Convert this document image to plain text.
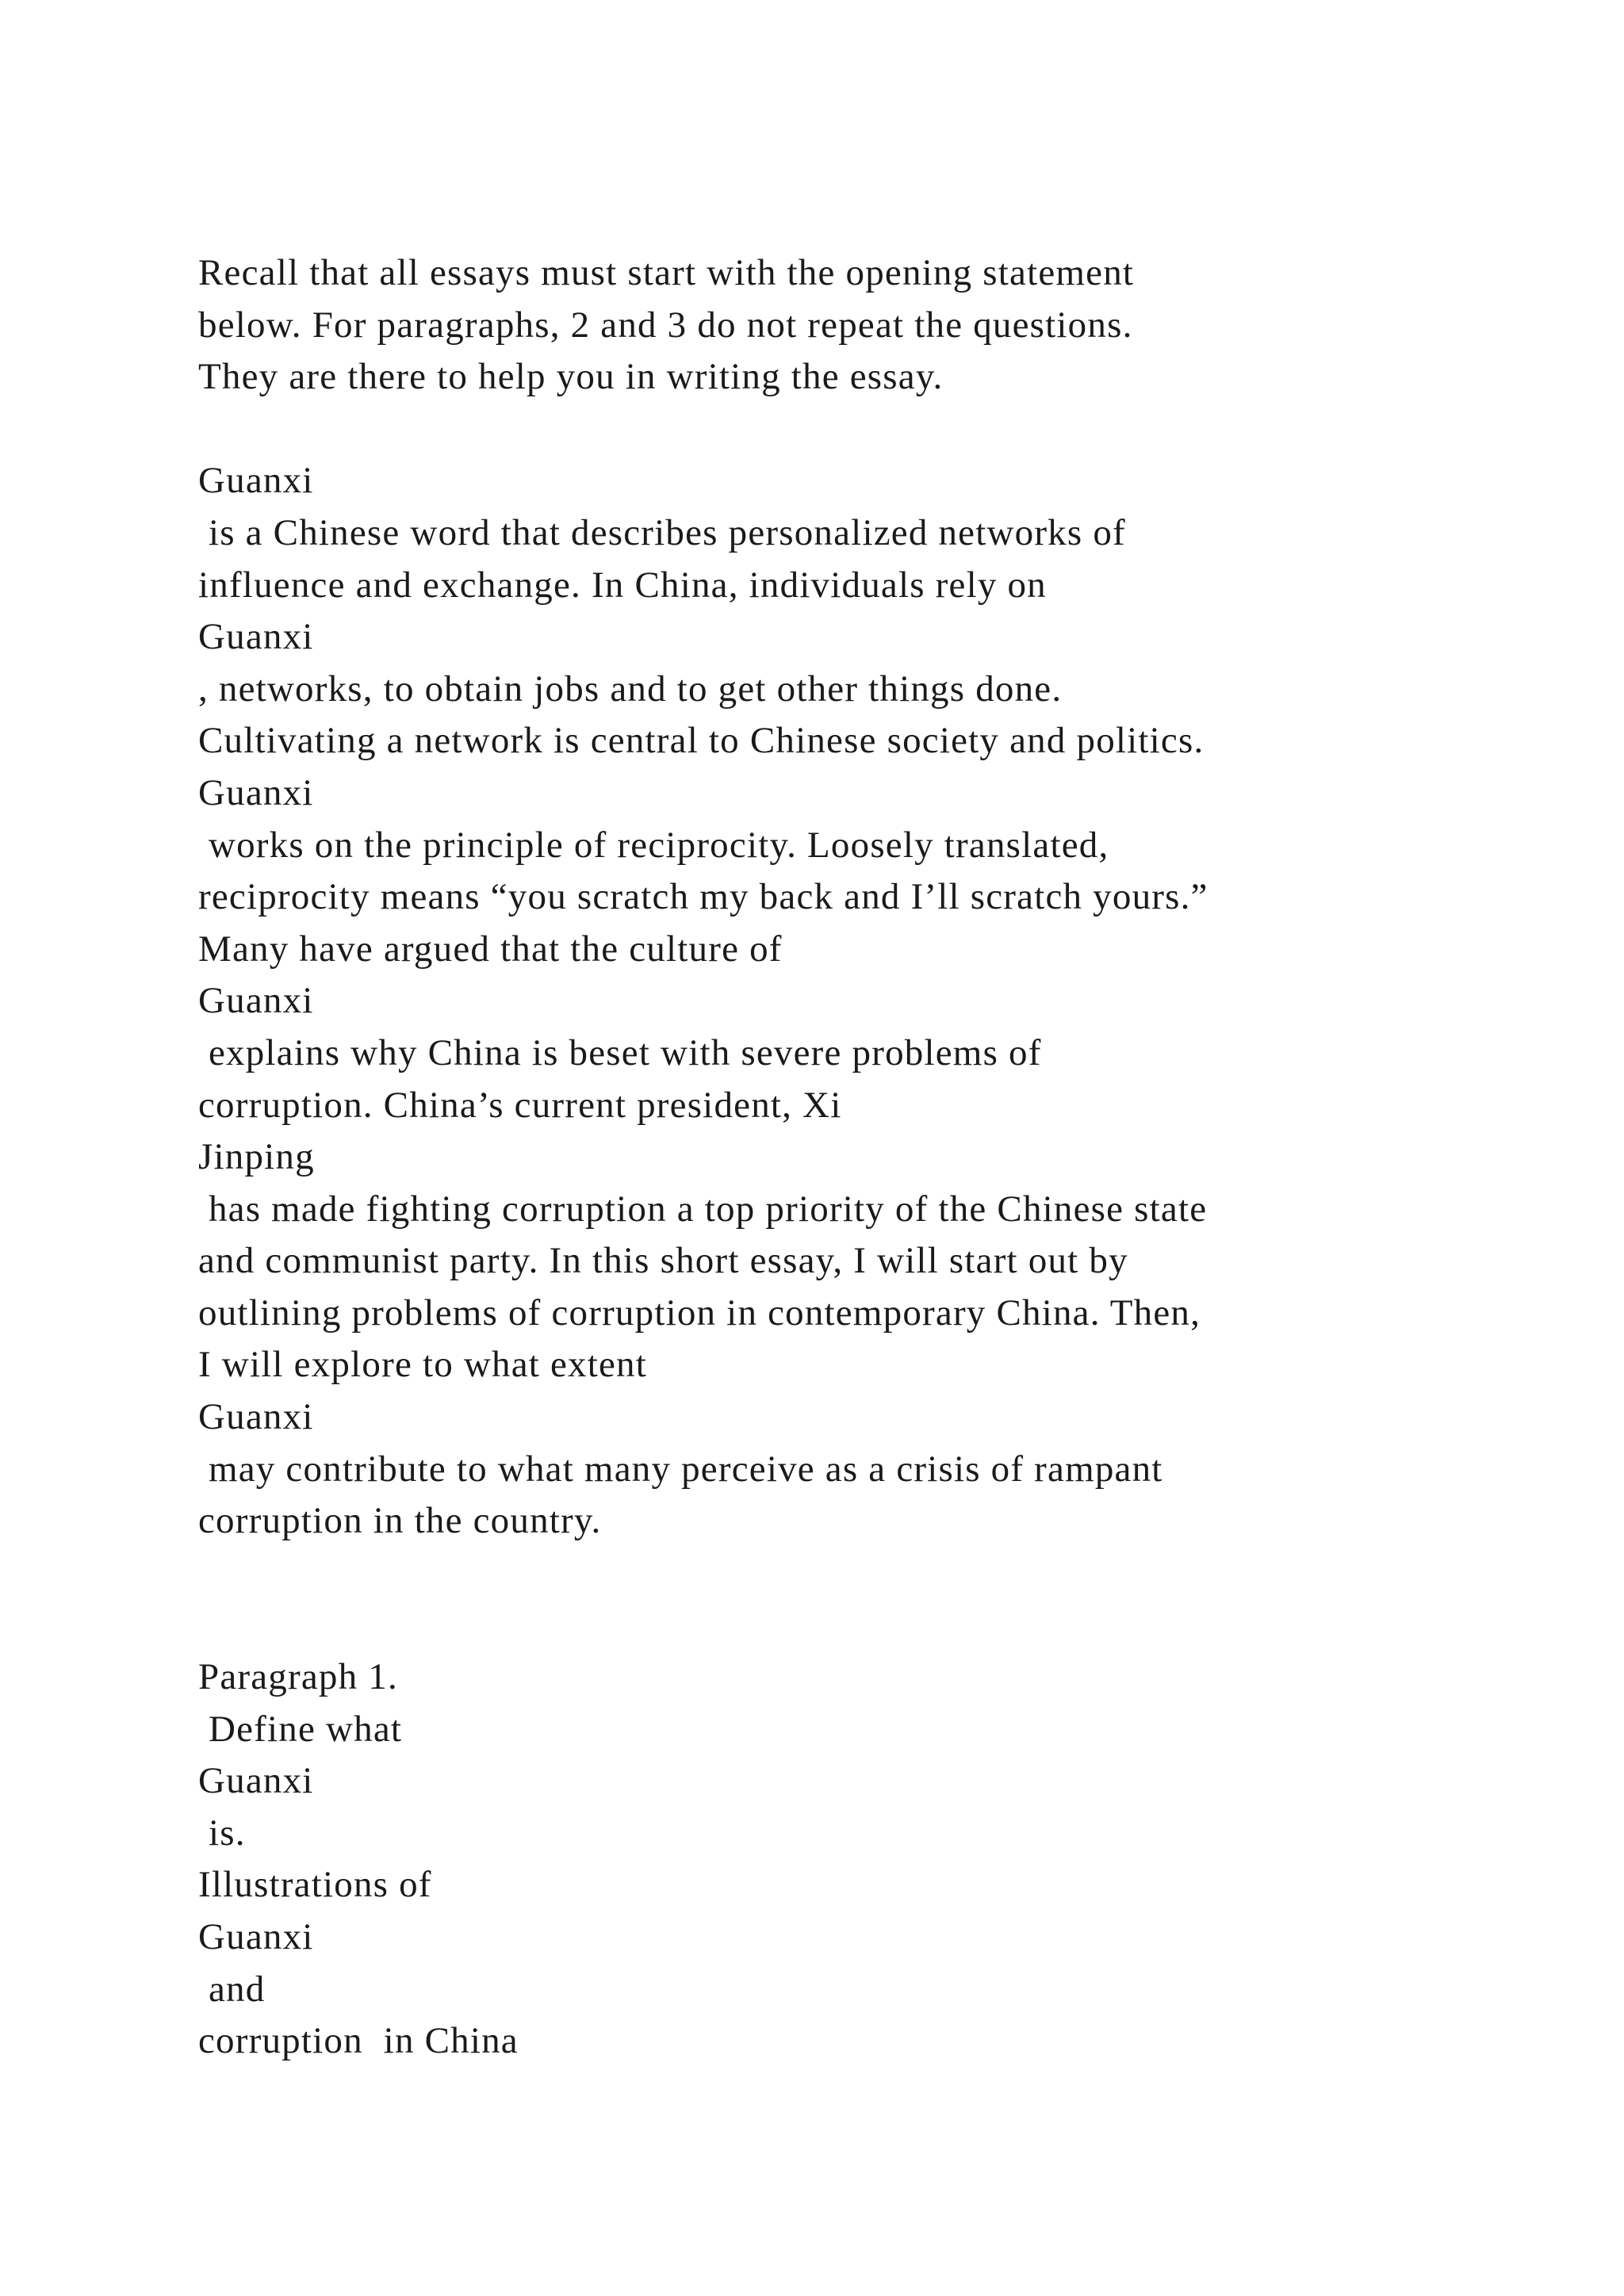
Recall that all essays must start with the opening statement
below. For paragraphs, 2 and 3 do not repeat the questions.
They are there to help you in writing the essay.
Guanxi
is a Chinese word that describes personalized networks of
influence and exchange. In China, individuals rely on
Guanxi
, networks, to obtain jobs and to get other things done.
Cultivating a network is central to Chinese society and politics.
Guanxi
works on the principle of reciprocity. Loosely translated,
reciprocity means “you scratch my back and I’ll scratch yours.”
Many have argued that the culture of
Guanxi
explains why China is beset with severe problems of
corruption. China’s current president, Xi
Jinping
has made fighting corruption a top priority of the Chinese state
and communist party. In this short essay, I will start out by
outlining problems of corruption in contemporary China. Then,
I will explore to what extent
Guanxi
may contribute to what many perceive as a crisis of rampant
corruption in the country.
Paragraph 1.
Define what
Guanxi
is.
Illustrations of
Guanxi
and
corruption  in China
